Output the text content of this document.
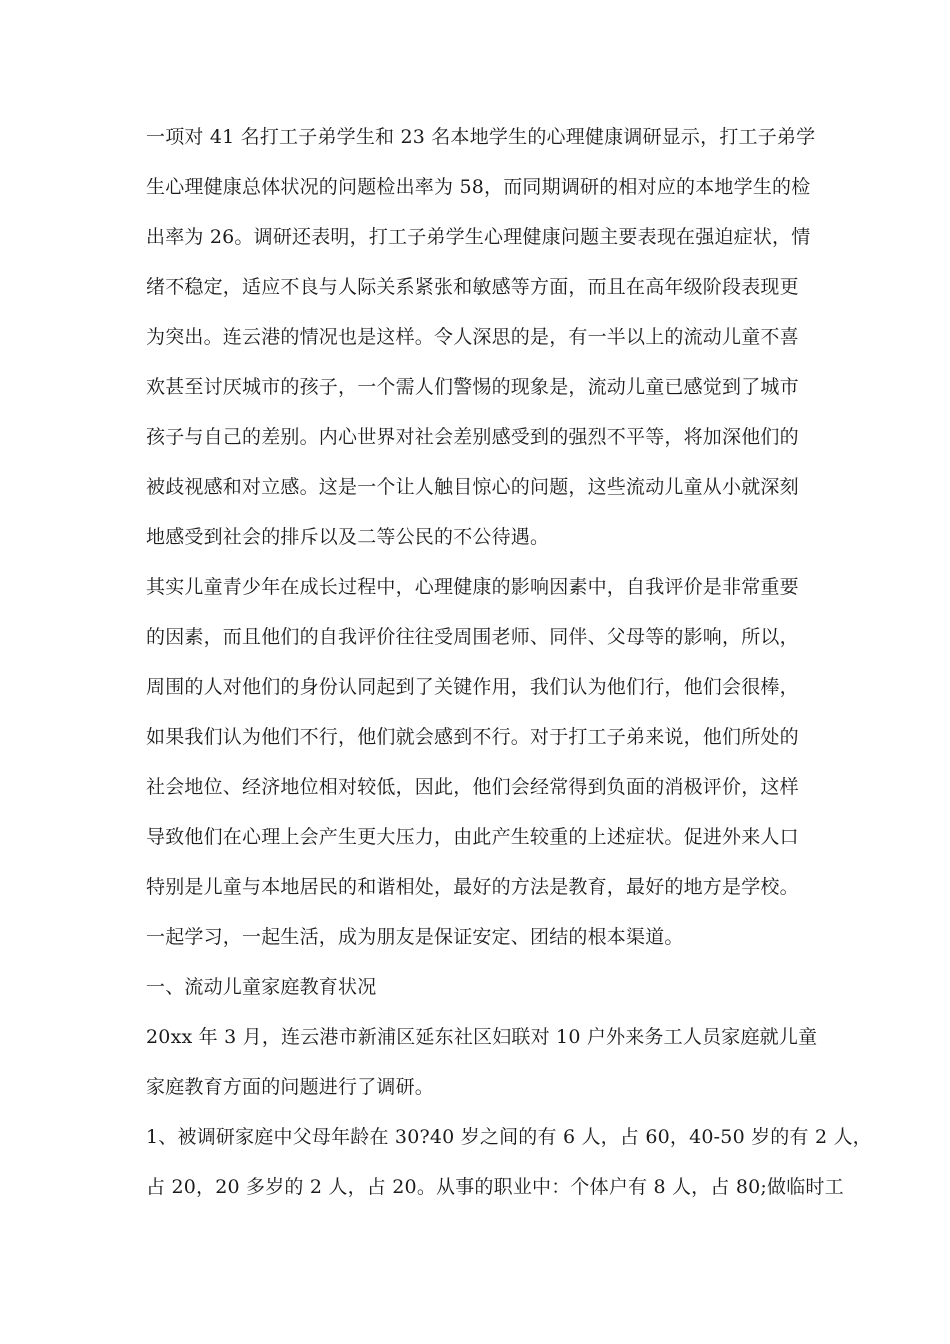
一项对 41 名打工子弟学生和 23 名本地学生的心理健康调研显示，打工子弟学
生心理健康总体状况的问题检出率为 58，而同期调研的相对应的本地学生的检
出率为 26。调研还表明，打工子弟学生心理健康问题主要表现在强迫症状，情
绪不稳定，适应不良与人际关系紧张和敏感等方面，而且在高年级阶段表现更
为突出。连云港的情况也是这样。令人深思的是，有一半以上的流动儿童不喜
欢甚至讨厌城市的孩子，一个需人们警惕的现象是，流动儿童已感觉到了城市
孩子与自己的差别。内心世界对社会差别感受到的强烈不平等，将加深他们的
被歧视感和对立感。这是一个让人触目惊心的问题，这些流动儿童从小就深刻
地感受到社会的排斥以及二等公民的不公待遇。
其实儿童青少年在成长过程中，心理健康的影响因素中，自我评价是非常重要
的因素，而且他们的自我评价往往受周围老师、同伴、父母等的影响，所以，
周围的人对他们的身份认同起到了关键作用，我们认为他们行，他们会很棒，
如果我们认为他们不行，他们就会感到不行。对于打工子弟来说，他们所处的
社会地位、经济地位相对较低，因此，他们会经常得到负面的消极评价，这样
导致他们在心理上会产生更大压力，由此产生较重的上述症状。促进外来人口
特别是儿童与本地居民的和谐相处，最好的方法是教育，最好的地方是学校。
一起学习，一起生活，成为朋友是保证安定、团结的根本渠道。
一、流动儿童家庭教育状况
20xx 年 3 月，连云港市新浦区延东社区妇联对 10 户外来务工人员家庭就儿童
家庭教育方面的问题进行了调研。
1、被调研家庭中父母年龄在 30?40 岁之间的有 6 人，占 60，40-50 岁的有 2 人，
占 20，20 多岁的 2 人，占 20。从事的职业中：个体户有 8 人，占 80;做临时工
